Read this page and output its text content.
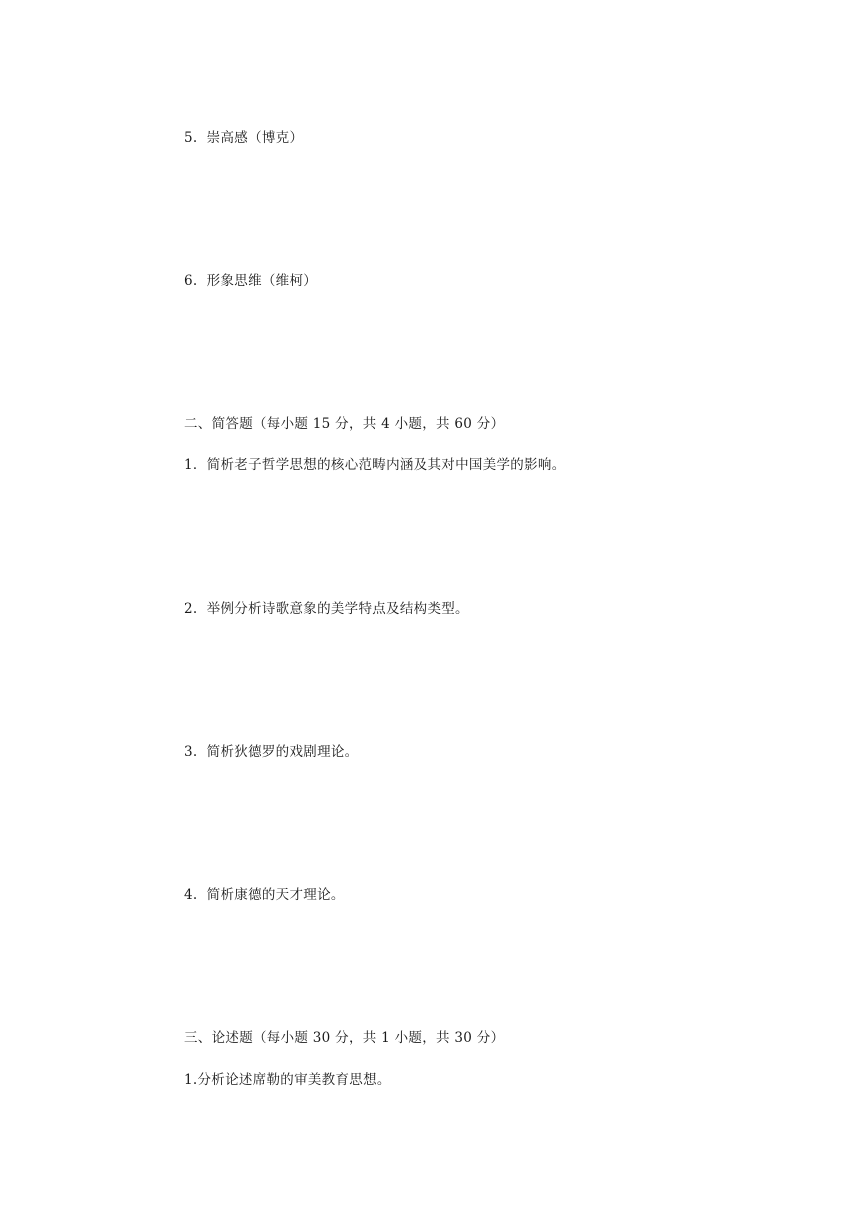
5.  崇高感（博克）
6.  形象思维（维柯）
二、简答题（每小题 15 分，共 4 小题，共 60 分）
1．简析老子哲学思想的核心范畴内涵及其对中国美学的影响。
2.  举例分析诗歌意象的美学特点及结构类型。
3.  简析狄德罗的戏剧理论。
4.  简析康德的天才理论。
三、论述题（每小题 30 分，共 1 小题，共 30 分）
1.分析论述席勒的审美教育思想。
